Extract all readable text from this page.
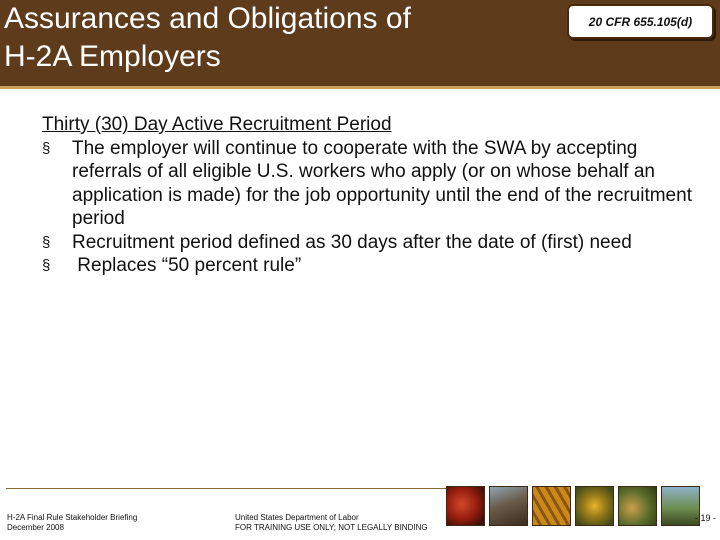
Assurances and Obligations of
H-2A Employers
20 CFR 655.105(d)
Thirty (30) Day Active Recruitment Period
§ The employer will continue to cooperate with the SWA by accepting referrals of all eligible U.S. workers who apply (or on whose behalf an application is made) for the job opportunity until the end of the recruitment period
§ Recruitment period defined as 30 days after the date of (first) need
§ Replaces “50 percent rule”
H-2A Final Rule Stakeholder Briefing
December 2008
United States Department of Labor
FOR TRAINING USE ONLY; NOT LEGALLY BINDING
- 19 -
